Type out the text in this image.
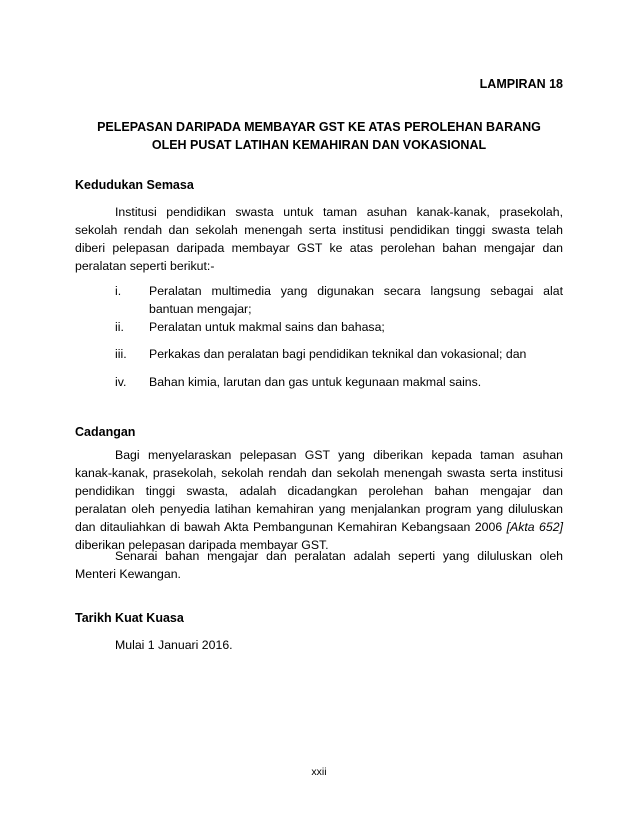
LAMPIRAN 18
PELEPASAN DARIPADA MEMBAYAR GST KE ATAS PEROLEHAN BARANG
OLEH PUSAT LATIHAN KEMAHIRAN DAN VOKASIONAL
Kedudukan Semasa
Institusi pendidikan swasta untuk taman asuhan kanak-kanak, prasekolah,
sekolah rendah dan sekolah menengah serta institusi pendidikan tinggi swasta telah
diberi pelepasan daripada membayar GST ke atas perolehan bahan mengajar dan
peralatan seperti berikut:-
i. Peralatan multimedia yang digunakan secara langsung sebagai alat
bantuan mengajar;
ii. Peralatan untuk makmal sains dan bahasa;
iii. Perkakas dan peralatan bagi pendidikan teknikal dan vokasional; dan
iv. Bahan kimia, larutan dan gas untuk kegunaan makmal sains.
Cadangan
Bagi menyelaraskan pelepasan GST yang diberikan kepada taman asuhan
kanak-kanak, prasekolah, sekolah rendah dan sekolah menengah swasta serta institusi
pendidikan tinggi swasta, adalah dicadangkan perolehan bahan mengajar dan
peralatan oleh penyedia latihan kemahiran yang menjalankan program yang diluluskan
dan ditauliahkan di bawah Akta Pembangunan Kemahiran Kebangsaan 2006 [Akta 652]
diberikan pelepasan daripada membayar GST.
Senarai bahan mengajar dan peralatan adalah seperti yang diluluskan oleh
Menteri Kewangan.
Tarikh Kuat Kuasa
Mulai 1 Januari 2016.
xxii
